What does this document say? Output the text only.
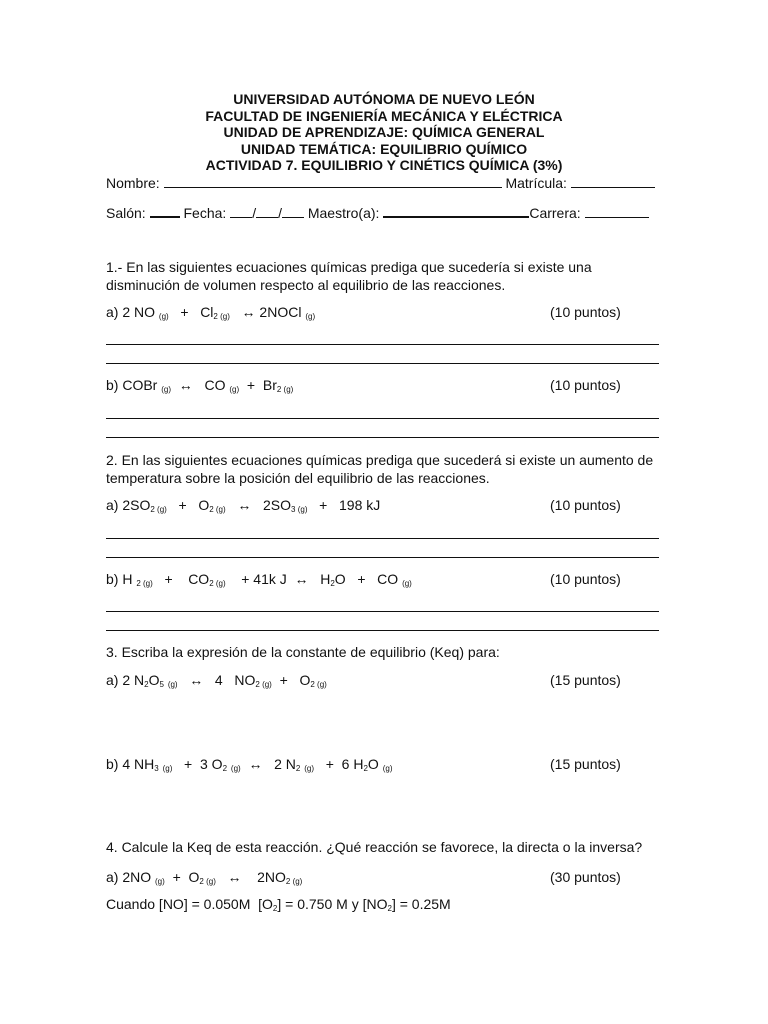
UNIVERSIDAD AUTÓNOMA DE NUEVO LEÓN
FACULTAD DE INGENIERÍA MECÁNICA Y ELÉCTRICA
UNIDAD DE APRENDIZAJE: QUÍMICA GENERAL
UNIDAD TEMÁTICA: EQUILIBRIO QUÍMICO
ACTIVIDAD 7. EQUILIBRIO Y CINÉTICS QUÍMICA (3%)
Nombre:	Matrícula:
Salón:	Fecha: / / Maestro(a):	Carrera:
1.- En las siguientes ecuaciones químicas prediga que sucedería si existe una disminución de volumen respecto al equilibrio de las reacciones.
a) 2 NO (g)   +   Cl2 (g)   ↔ 2NOCl (g)	(10 puntos)
b) COBr (g)  ↔   CO (g)  +  Br2 (g)	(10 puntos)
2. En las siguientes ecuaciones químicas prediga que sucederá si existe un aumento de temperatura sobre la posición del equilibrio de las reacciones.
a) 2SO2 (g)   +   O2 (g)   ↔   2SO3 (g)   +   198 kJ	(10 puntos)
b) H 2 (g)   +    CO2 (g)    + 41k J  ↔   $H_2O$   +   CO (g)	(10 puntos)
3. Escriba la expresión de la constante de equilibrio (Keq) para:
a) 2 $N_2O_5$ (g)   ↔   4   NO2 (g)  +   O2 (g)	(15 puntos)
b) 4 $NH_3$ (g)   +  3 $O_2$ (g)  ↔   2 $N_2$ (g)   +  6 $H_2O$ (g)	(15 puntos)
4. Calcule la Keq de esta reacción. ¿Qué reacción se favorece, la directa o la inversa?
a) 2NO (g)  +  O2 (g)   ↔    2NO2 (g)	(30 puntos)
Cuando [NO] = 0.050M  $[O_2] = 0.750$ M y $[NO_2] = 0.25M$
